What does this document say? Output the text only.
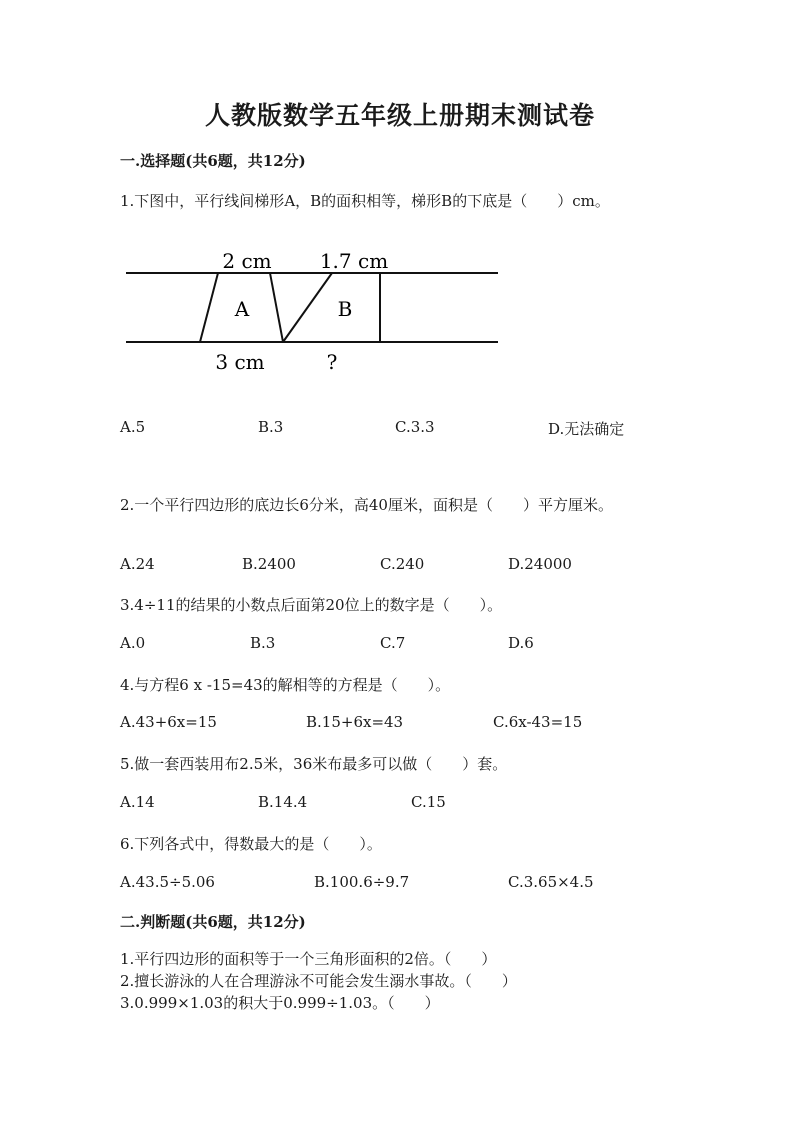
人教版数学五年级上册期末测试卷
一.选择题(共6题，共12分)
1.下图中，平行线间梯形A，B的面积相等，梯形B的下底是（　　）cm。
2 cm 1.7 cm
A	B
3 cm	?
A.5	B.3	C.3.3	D.无法确定
2.一个平行四边形的底边长6分米，高40厘米，面积是（　　）平方厘米。
A.24	B.2400	C.240	D.24000
3.4÷11的结果的小数点后面第20位上的数字是（　　）。
A.0	B.3	C.7	D.6
4.与方程6 x -15=43的解相等的方程是（　　）。
A.43+6x=15	B.15+6x=43	C.6x-43=15
5.做一套西装用布2.5米，36米布最多可以做（　　）套。
A.14	B.14.4	C.15
6.下列各式中，得数最大的是（　　）。
A.43.5÷5.06	B.100.6÷9.7	C.3.65×4.5
二.判断题(共6题，共12分)
1.平行四边形的面积等于一个三角形面积的2倍。（　　）
2.擅长游泳的人在合理游泳不可能会发生溺水事故。（　　）
3.0.999×1.03的积大于0.999÷1.03。（　　）
